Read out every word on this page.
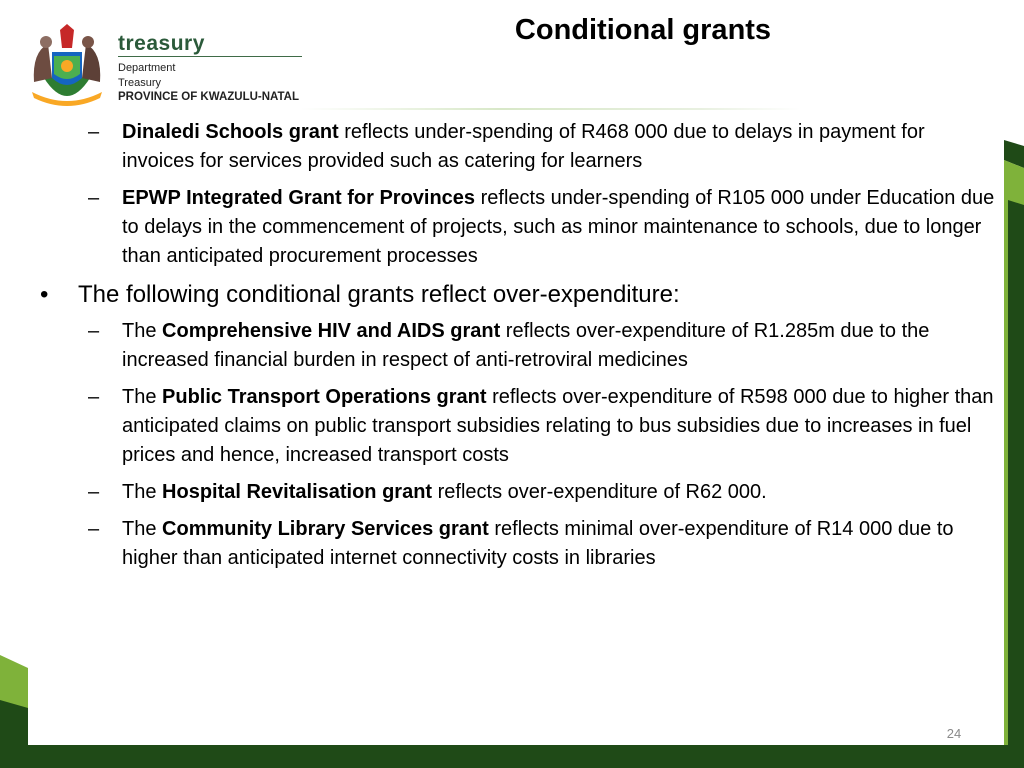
treasury
Department
Treasury
PROVINCE OF KWAZULU-NATAL
Conditional grants
– Dinaledi Schools grant reflects under-spending of R468 000 due to delays in payment for invoices for services provided such as catering for learners
– EPWP Integrated Grant for Provinces reflects under-spending of R105 000 under Education due to delays in the commencement of projects, such as minor maintenance to schools, due to longer than anticipated procurement processes
• The following conditional grants reflect over-expenditure:
– The Comprehensive HIV and AIDS grant reflects over-expenditure of R1.285m due to the increased financial burden in respect of anti-retroviral medicines
– The Public Transport Operations grant reflects over-expenditure of R598 000 due to higher than anticipated claims on public transport subsidies relating to bus subsidies due to increases in fuel prices and hence, increased transport costs
– The Hospital Revitalisation grant reflects over-expenditure of R62 000.
– The Community Library Services grant reflects minimal over-expenditure of R14 000 due to higher than anticipated internet connectivity costs in libraries
24
